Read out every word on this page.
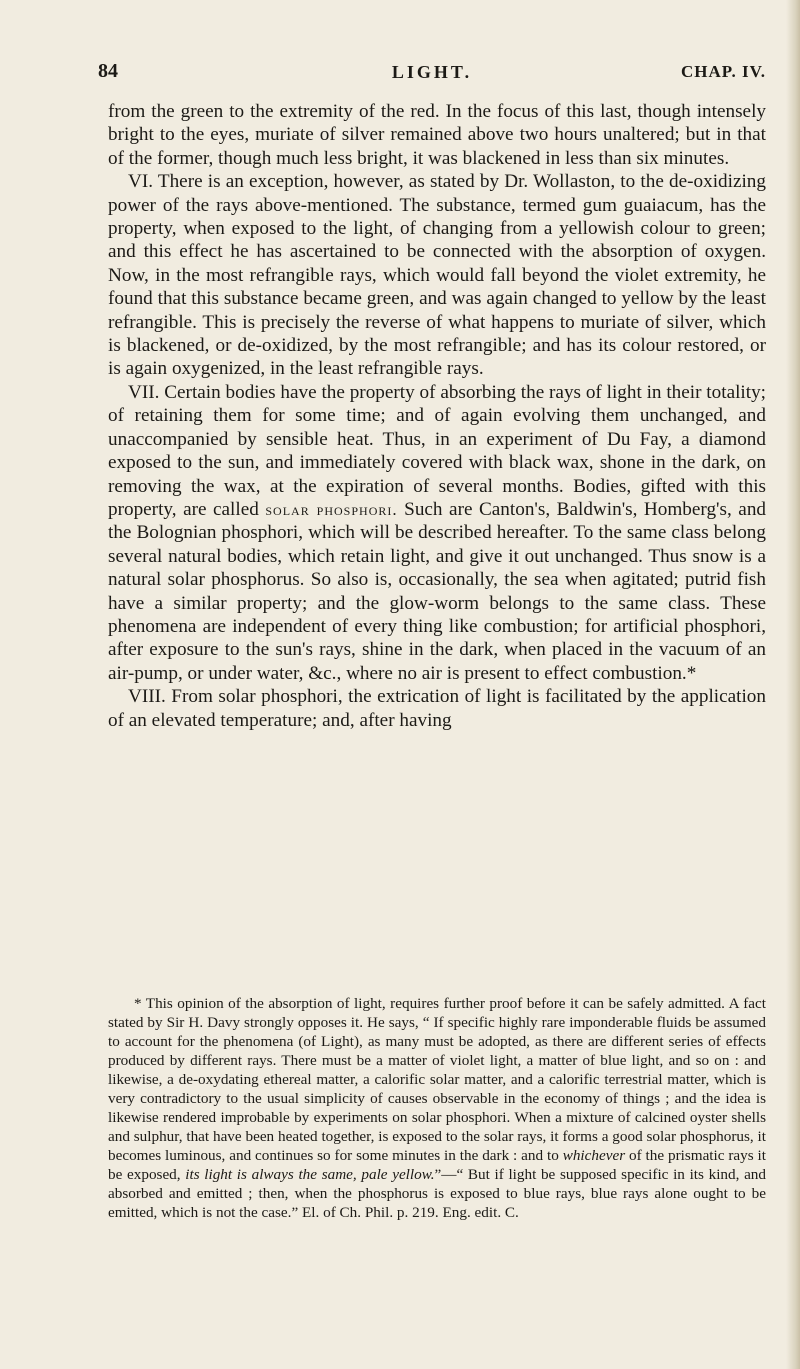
84	LIGHT.	CHAP. IV.

from the green to the extremity of the red. In the focus of this last, though intensely bright to the eyes, muriate of silver remained above two hours unaltered; but in that of the former, though much less bright, it was blackened in less than six minutes.

VI. There is an exception, however, as stated by Dr. Wollaston, to the de-oxidizing power of the rays above-mentioned. The substance, termed gum guaiacum, has the property, when exposed to the light, of changing from a yellowish colour to green; and this effect he has ascertained to be connected with the absorption of oxygen. Now, in the most refrangible rays, which would fall beyond the violet extremity, he found that this substance became green, and was again changed to yellow by the least refrangible. This is precisely the reverse of what happens to muriate of silver, which is blackened, or de-oxidized, by the most refrangible; and has its colour restored, or is again oxygenized, in the least refrangible rays.

VII. Certain bodies have the property of absorbing the rays of light in their totality; of retaining them for some time; and of again evolving them unchanged, and unaccompanied by sensible heat. Thus, in an experiment of Du Fay, a diamond exposed to the sun, and immediately covered with black wax, shone in the dark, on removing the wax, at the expiration of several months. Bodies, gifted with this property, are called solar phosphori. Such are Canton's, Baldwin's, Homberg's, and the Bolognian phosphori, which will be described hereafter. To the same class belong several natural bodies, which retain light, and give it out unchanged. Thus snow is a natural solar phosphorus. So also is, occasionally, the sea when agitated; putrid fish have a similar property; and the glow-worm belongs to the same class. These phenomena are independent of every thing like combustion; for artificial phosphori, after exposure to the sun's rays, shine in the dark, when placed in the vacuum of an air-pump, or under water, &c., where no air is present to effect combustion.*

VIII. From solar phosphori, the extrication of light is facilitated by the application of an elevated temperature; and, after having

* This opinion of the absorption of light, requires further proof before it can be safely admitted. A fact stated by Sir H. Davy strongly opposes it. He says, “ If specific highly rare imponderable fluids be assumed to account for the phenomena (of Light), as many must be adopted, as there are different series of effects produced by different rays. There must be a matter of violet light, a matter of blue light, and so on : and likewise, a de-oxydating ethereal matter, a calorific solar matter, and a calorific terrestrial matter, which is very contradictory to the usual simplicity of causes observable in the economy of things ; and the idea is likewise rendered improbable by experiments on solar phosphori. When a mixture of calcined oyster shells and sulphur, that have been heated together, is exposed to the solar rays, it forms a good solar phosphorus, it becomes luminous, and continues so for some minutes in the dark : and to whichever of the prismatic rays it be exposed, its light is always the same, pale yellow.”—“ But if light be supposed specific in its kind, and absorbed and emitted ; then, when the phosphorus is exposed to blue rays, blue rays alone ought to be emitted, which is not the case.” El. of Ch. Phil. p. 219. Eng. edit. C.
